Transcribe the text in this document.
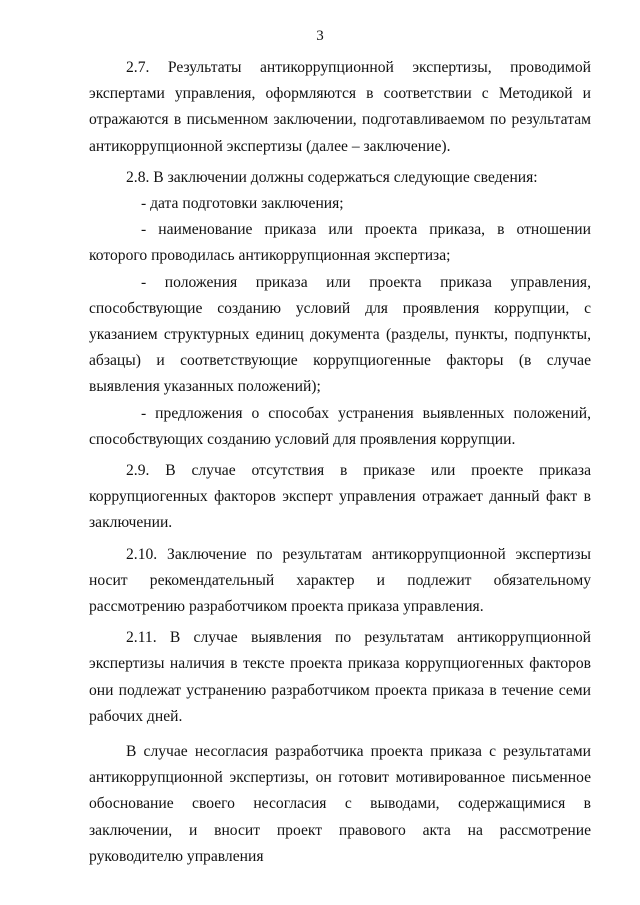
3

2.7. Результаты антикоррупционной экспертизы, проводимой экспертами управления, оформляются в соответствии с Методикой и отражаются в письменном заключении, подготавливаемом по результатам антикоррупционной экспертизы (далее – заключение).

2.8. В заключении должны содержаться следующие сведения:

- дата подготовки заключения;

- наименование приказа или проекта приказа, в отношении которого проводилась антикоррупционная экспертиза;

- положения приказа или проекта приказа управления, способствующие созданию условий для проявления коррупции, с указанием структурных единиц документа (разделы, пункты, подпункты, абзацы) и соответствующие коррупциогенные факторы (в случае выявления указанных положений);

- предложения о способах устранения выявленных положений, способствующих созданию условий для проявления коррупции.

2.9. В случае отсутствия в приказе или проекте приказа коррупциогенных факторов эксперт управления отражает данный факт в заключении.

2.10. Заключение по результатам антикоррупционной экспертизы носит рекомендательный характер и подлежит обязательному рассмотрению разработчиком проекта приказа управления.

2.11. В случае выявления по результатам антикоррупционной экспертизы наличия в тексте проекта приказа коррупциогенных факторов они подлежат устранению разработчиком проекта приказа в течение семи рабочих дней.

В случае несогласия разработчика проекта приказа с результатами антикоррупционной экспертизы, он готовит мотивированное письменное обоснование своего несогласия с выводами, содержащимися в заключении, и вносит проект правового акта на рассмотрение руководителю управления
